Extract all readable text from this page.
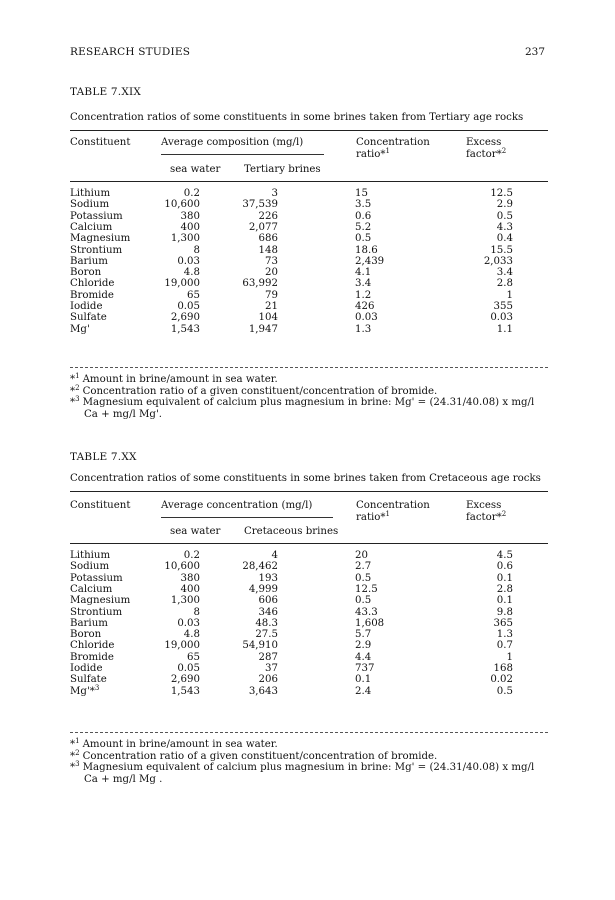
RESEARCH STUDIES	237
TABLE 7.XIX
Concentration ratios of some constituents in some brines taken from Tertiary age rocks
Constituent	Average composition (mg/l)
sea water Tertiary brines
Concentration
ratio*$^1$
Excess
factor*$^2$
Lithium	0.2	3	15	12.5
Sodium	10,600	37,539	3.5	2.9
Potassium	380	226	0.6	0.5
Calcium	400	2,077	5.2	4.3
Magnesium	1,300	686	0.5	0.4
Strontium	8	148	18.6	15.5
Barium	0.03	73	2,439	2,033
Boron	4.8	20	4.1	3.4
Chloride	19,000	63,992	3.4	2.8
Bromide	65	79	1.2	1
Iodide	0.05	21	426	355
Sulfate	2,690	104	0.03	0.03
Mg'	1,543	1,947	1.3	1.1
*$^1$ Amount in brine/amount in sea water.
*$^2$ Concentration ratio of a given constituent/concentration of bromide.
*$^3$ Magnesium equivalent of calcium plus magnesium in brine: Mg' = (24.31/40.08) x mg/l
Ca + mg/l Mg'.
TABLE 7.XX
Concentration ratios of some constituents in some brines taken from Cretaceous age rocks
Constituent	Average concentration (mg/l)
sea water Cretaceous brines
Concentration
ratio*$^1$
Excess
factor*$^2$
Lithium	0.2	4	20	4.5
Sodium	10,600	28,462	2.7	0.6
Potassium	380	193	0.5	0.1
Calcium	400	4,999	12.5	2.8
Magnesium	1,300	606	0.5	0.1
Strontium	8	346	43.3	9.8
Barium	0.03	48.3	1,608	365
Boron	4.8	27.5	5.7	1.3
Chloride	19,000	54,910	2.9	0.7
Bromide	65	287	4.4	1
Iodide	0.05	37	737	168
Sulfate	2,690	206	0.1	0.02
Mg'*$^3$	1,543	3,643	2.4	0.5
*$^1$ Amount in brine/amount in sea water.
*$^2$ Concentration ratio of a given constituent/concentration of bromide.
*$^3$ Magnesium equivalent of calcium plus magnesium in brine: Mg' = (24.31/40.08) x mg/l
Ca + mg/l Mg .
